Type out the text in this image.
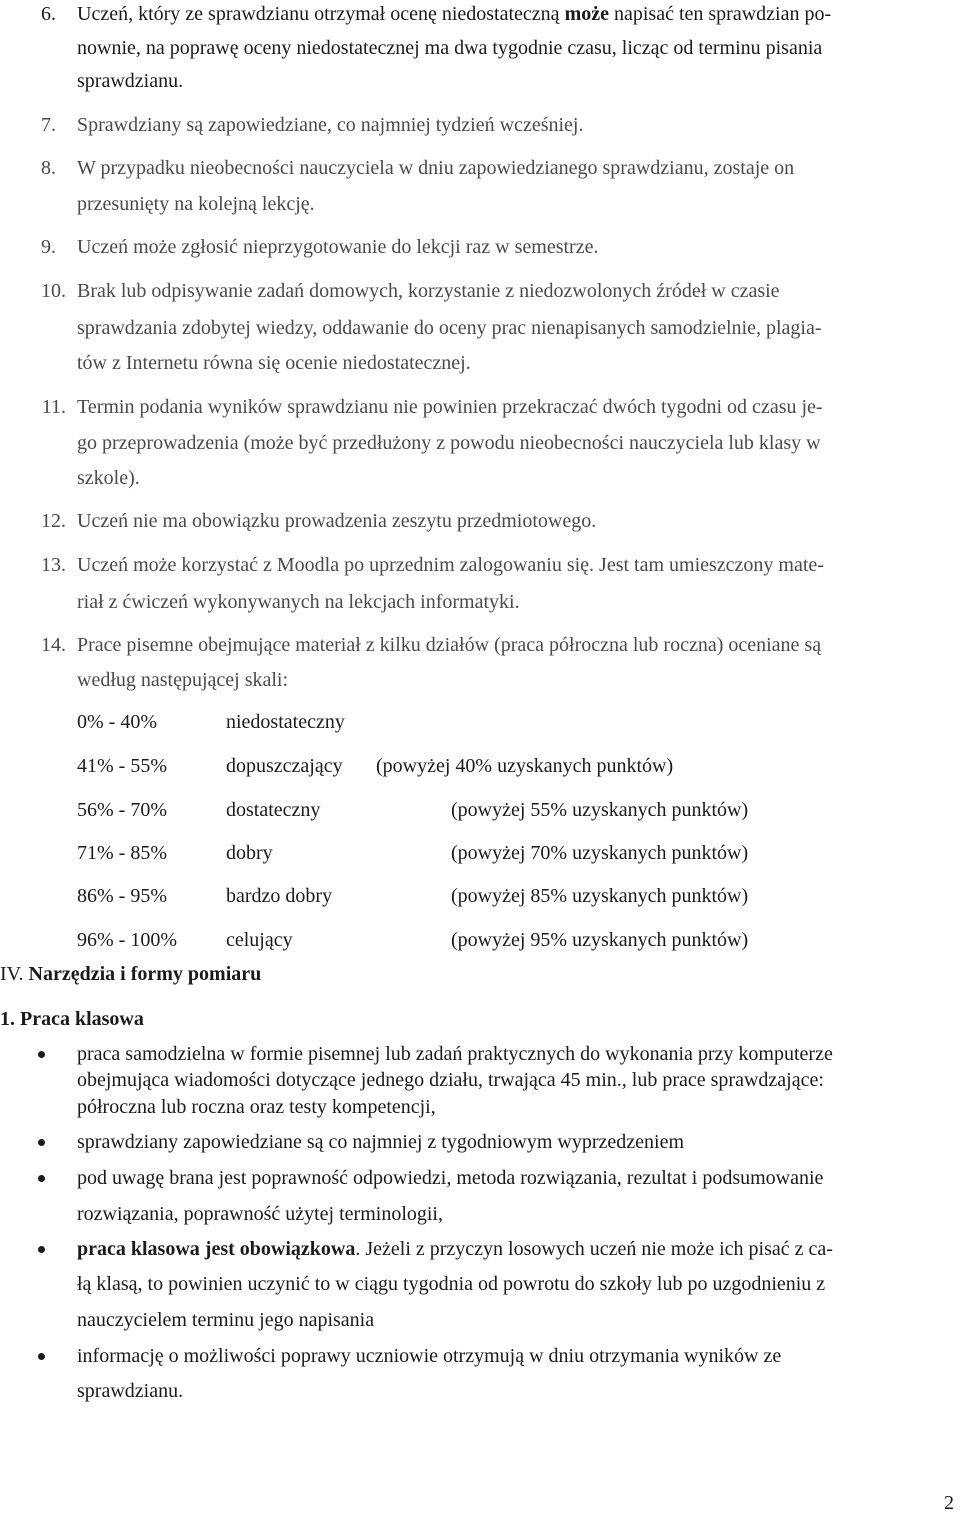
6. Uczeń, który ze sprawdzianu otrzymał ocenę niedostateczną może napisać ten sprawdzian po-
nownie, na poprawę oceny niedostatecznej ma dwa tygodnie czasu, licząc od terminu pisania
sprawdzianu.
7. Sprawdziany są zapowiedziane, co najmniej tydzień wcześniej.
8. W przypadku nieobecności nauczyciela w dniu zapowiedzianego sprawdzianu, zostaje on
przesunięty na kolejną lekcję.
9. Uczeń może zgłosić nieprzygotowanie do lekcji raz w semestrze.
10. Brak lub odpisywanie zadań domowych, korzystanie z niedozwolonych źródeł w czasie
sprawdzania zdobytej wiedzy, oddawanie do oceny prac nienapisanych samodzielnie, plagia-
tów z Internetu równa się ocenie niedostatecznej.
11. Termin podania wyników sprawdzianu nie powinien przekraczać dwóch tygodni od czasu je-
go przeprowadzenia (może być przedłużony z powodu nieobecności nauczyciela lub klasy w
szkole).
12. Uczeń nie ma obowiązku prowadzenia zeszytu przedmiotowego.
13. Uczeń może korzystać z Moodla po uprzednim zalogowaniu się. Jest tam umieszczony mate-
riał z ćwiczeń wykonywanych na lekcjach informatyki.
14. Prace pisemne obejmujące materiał z kilku działów (praca półroczna lub roczna) oceniane są
według następującej skali:
0% - 40%	niedostateczny
41% - 55%	dopuszczający (powyżej 40% uzyskanych punktów)
56% - 70%	dostateczny	(powyżej 55% uzyskanych punktów)
71% - 85%	dobry	(powyżej 70% uzyskanych punktów)
86% - 95%	bardzo dobry	(powyżej 85% uzyskanych punktów)
96% - 100% celujący	(powyżej 95% uzyskanych punktów)
IV. Narzędzia i formy pomiaru
1. Praca klasowa
praca samodzielna w formie pisemnej lub zadań praktycznych do wykonania przy komputerze
obejmująca wiadomości dotyczące jednego działu, trwająca 45 min., lub prace sprawdzające:
półroczna lub roczna oraz testy kompetencji,
sprawdziany zapowiedziane są co najmniej z tygodniowym wyprzedzeniem
pod uwagę brana jest poprawność odpowiedzi, metoda rozwiązania, rezultat i podsumowanie
rozwiązania, poprawność użytej terminologii,
praca klasowa jest obowiązkowa. Jeżeli z przyczyn losowych uczeń nie może ich pisać z ca-
łą klasą, to powinien uczynić to w ciągu tygodnia od powrotu do szkoły lub po uzgodnieniu z
nauczycielem terminu jego napisania
informację o możliwości poprawy uczniowie otrzymują w dniu otrzymania wyników ze
sprawdzianu.
2
